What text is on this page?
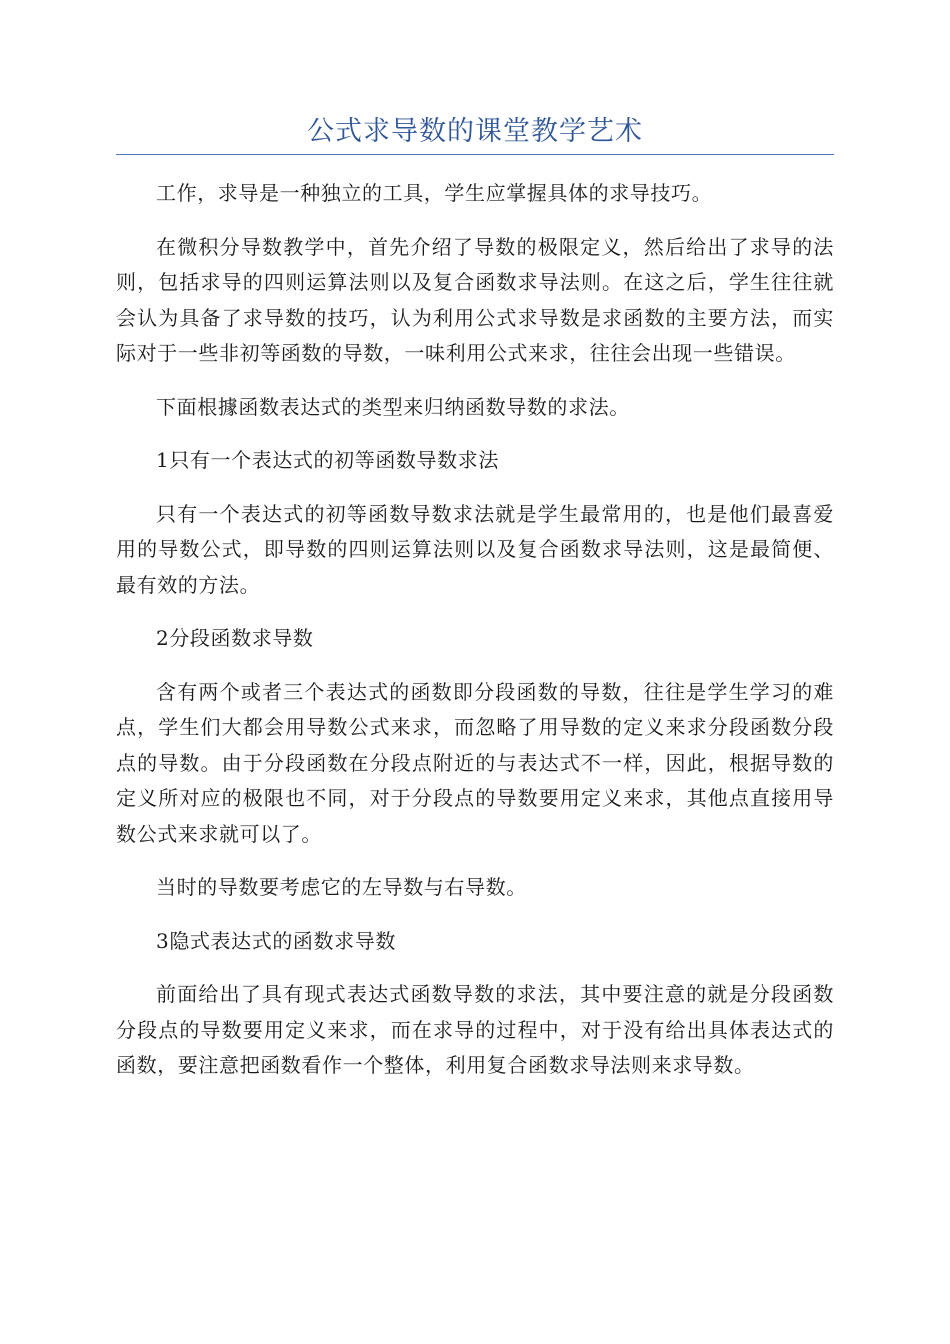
公式求导数的课堂教学艺术

工作，求导是一种独立的工具，学生应掌握具体的求导技巧。

在微积分导数教学中，首先介绍了导数的极限定义，然后给出了求导的法则，包括求导的四则运算法则以及复合函数求导法则。在这之后，学生往往就会认为具备了求导数的技巧，认为利用公式求导数是求函数的主要方法，而实际对于一些非初等函数的导数，一味利用公式来求，往往会出现一些错误。

下面根據函数表达式的类型来归纳函数导数的求法。

1只有一个表达式的初等函数导数求法

只有一个表达式的初等函数导数求法就是学生最常用的，也是他们最喜爱用的导数公式，即导数的四则运算法则以及复合函数求导法则，这是最简便、最有效的方法。

2分段函数求导数

含有两个或者三个表达式的函数即分段函数的导数，往往是学生学习的难点，学生们大都会用导数公式来求，而忽略了用导数的定义来求分段函数分段点的导数。由于分段函数在分段点附近的与表达式不一样，因此，根据导数的定义所对应的极限也不同，对于分段点的导数要用定义来求，其他点直接用导数公式来求就可以了。

当时的导数要考虑它的左导数与右导数。

3隐式表达式的函数求导数

前面给出了具有现式表达式函数导数的求法，其中要注意的就是分段函数分段点的导数要用定义来求，而在求导的过程中，对于没有给出具体表达式的函数，要注意把函数看作一个整体，利用复合函数求导法则来求导数。
